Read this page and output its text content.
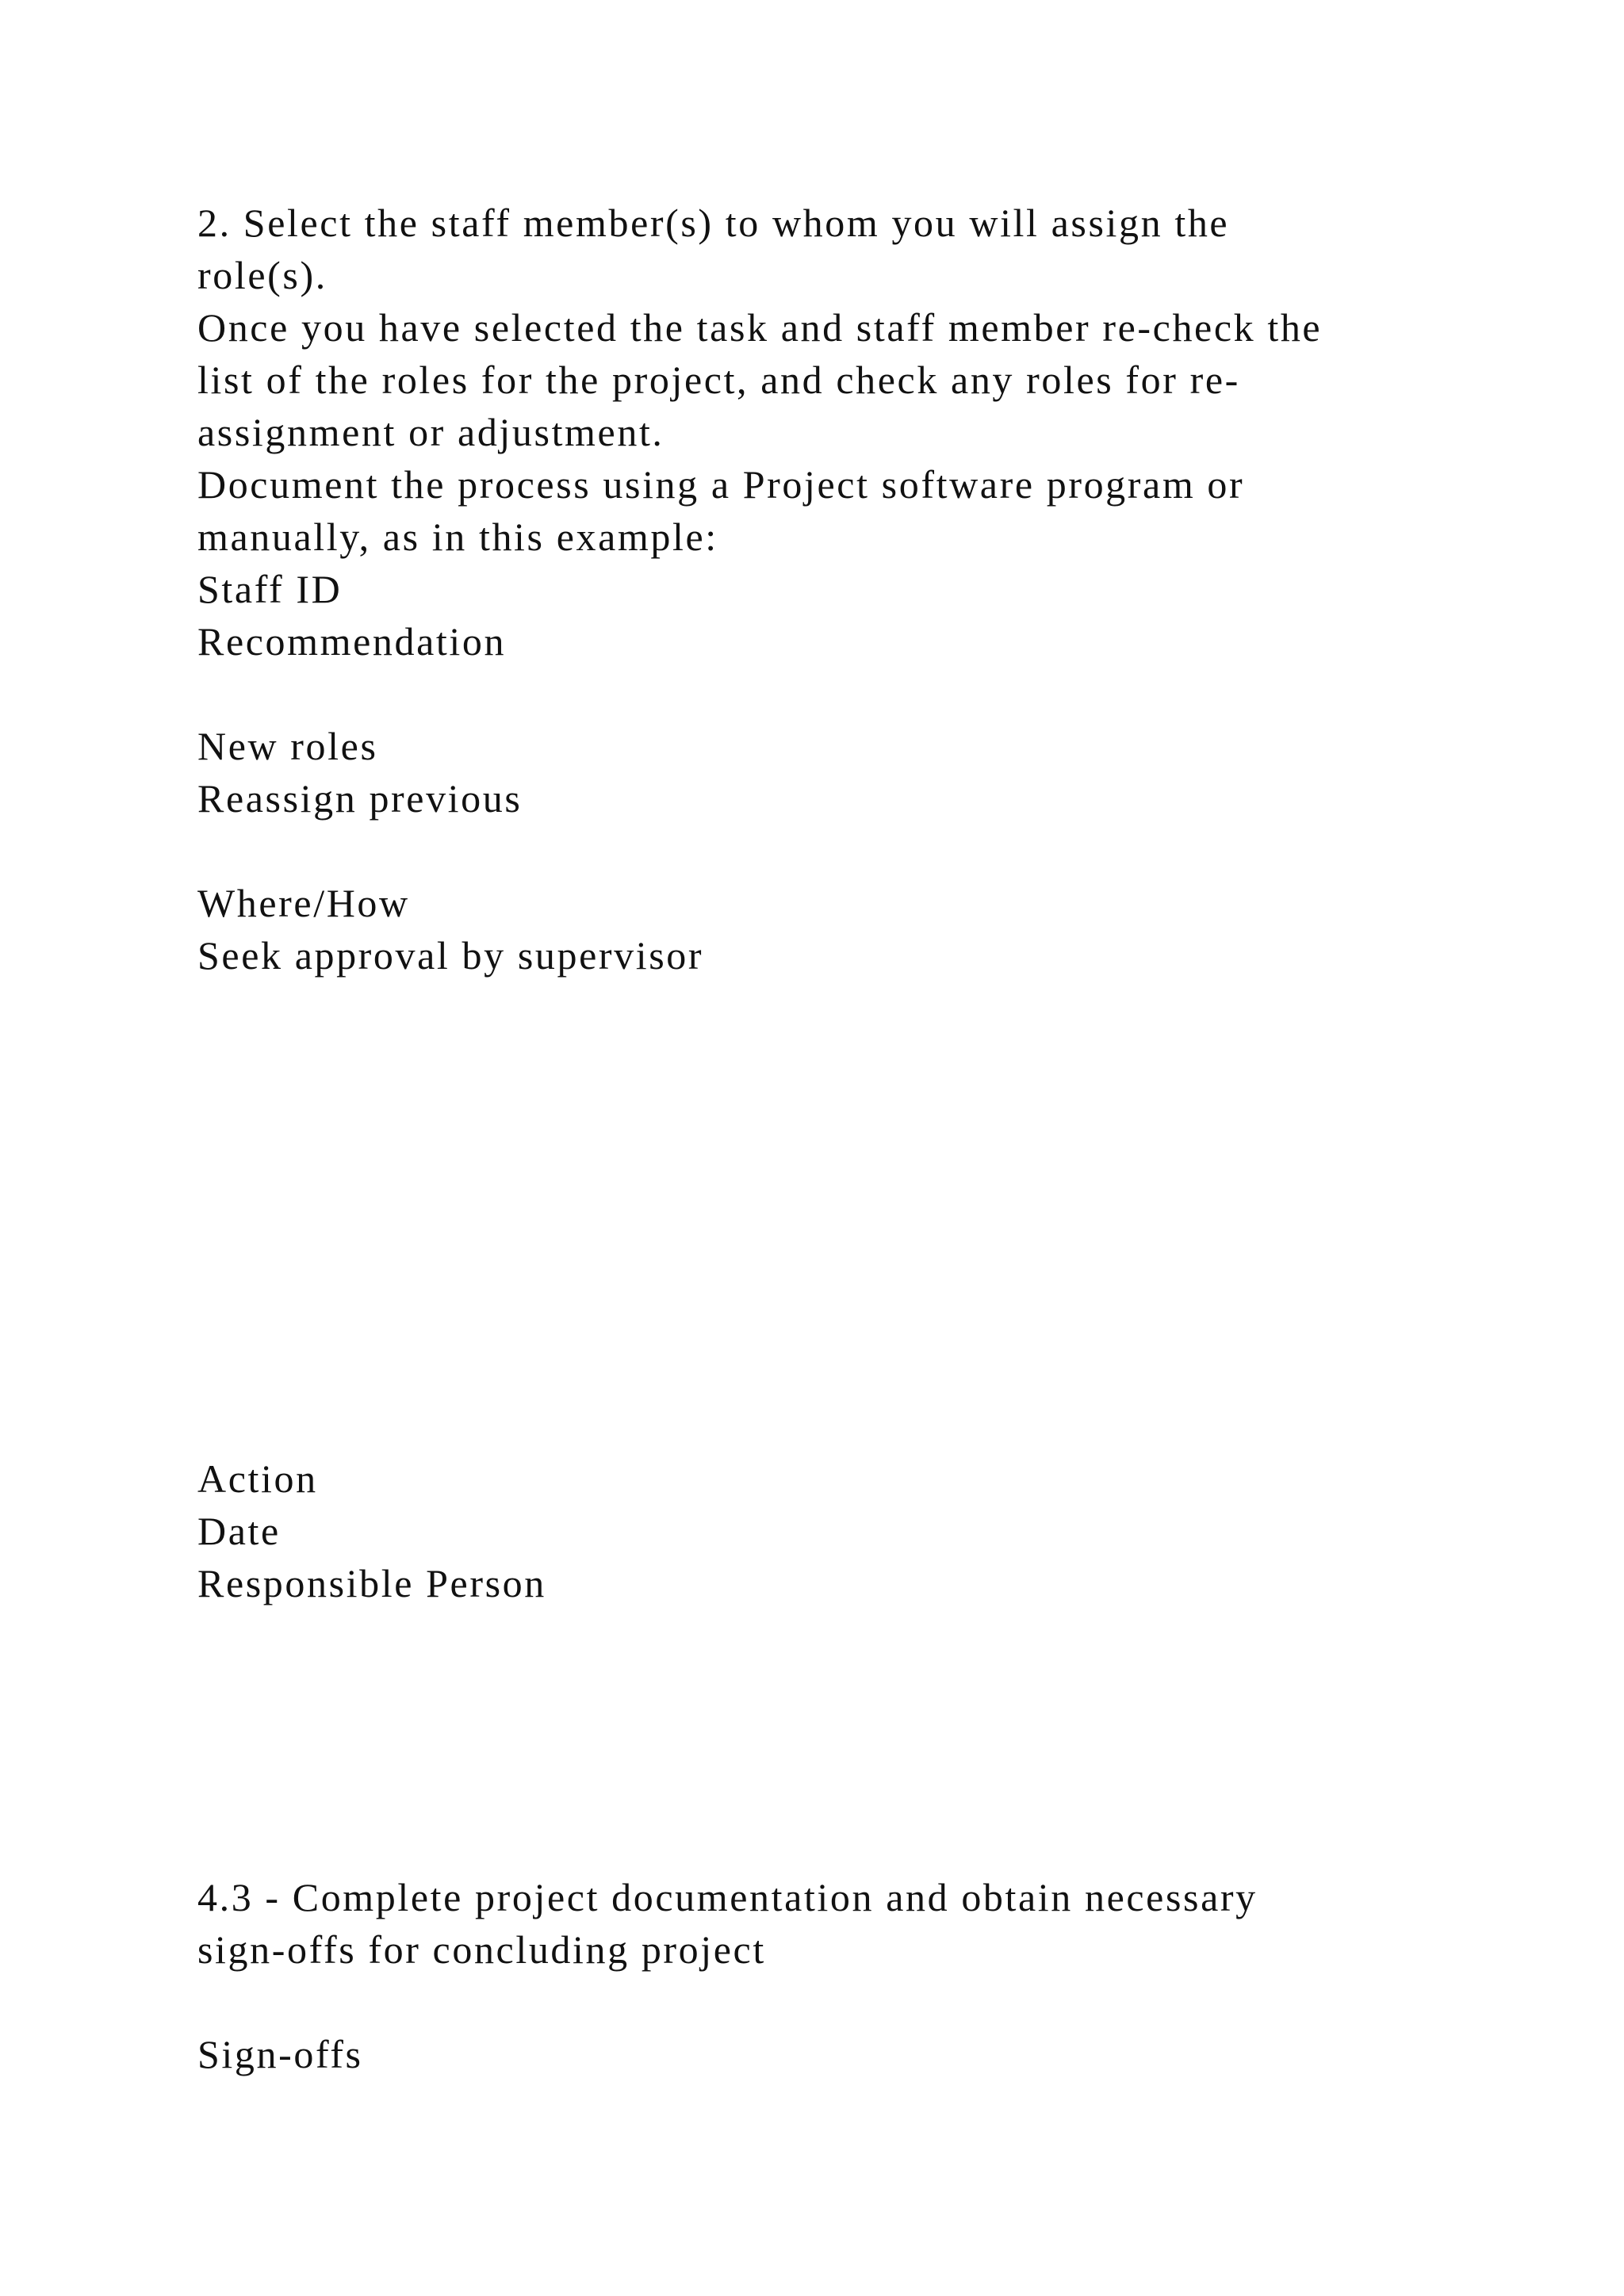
2. Select the staff member(s) to whom you will assign the

role(s).

Once you have selected the task and staff member re-check the

list of the roles for the project, and check any roles for re-

assignment or adjustment.

Document the process using a Project software program or

manually, as in this example:

Staff ID

Recommendation

New roles

Reassign previous

Where/How

Seek approval by supervisor

Action

Date

Responsible Person

4.3 - Complete project documentation and obtain necessary

sign-offs for concluding project

Sign-offs
